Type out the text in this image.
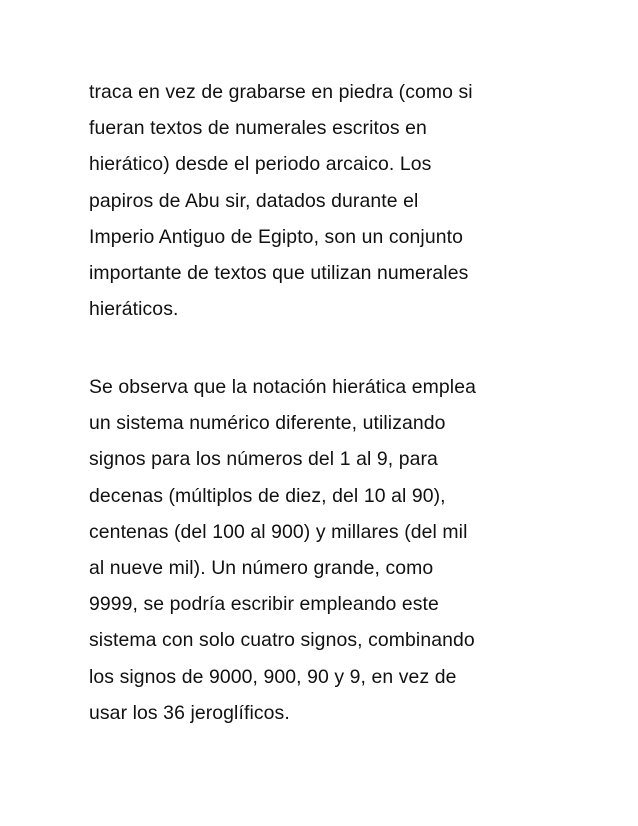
traca en vez de grabarse en piedra (como si
fueran textos de numerales escritos en
hierático) desde el periodo arcaico. Los
papiros de Abu sir, datados durante el
Imperio Antiguo de Egipto, son un conjunto
importante de textos que utilizan numerales
hieráticos.
Se observa que la notación hierática emplea
un sistema numérico diferente, utilizando
signos para los números del 1 al 9, para
decenas (múltiplos de diez, del 10 al 90),
centenas (del 100 al 900) y millares (del mil
al nueve mil). Un número grande, como
9999, se podría escribir empleando este
sistema con solo cuatro signos, combinando
los signos de 9000, 900, 90 y 9, en vez de
usar los 36 jeroglíficos.
